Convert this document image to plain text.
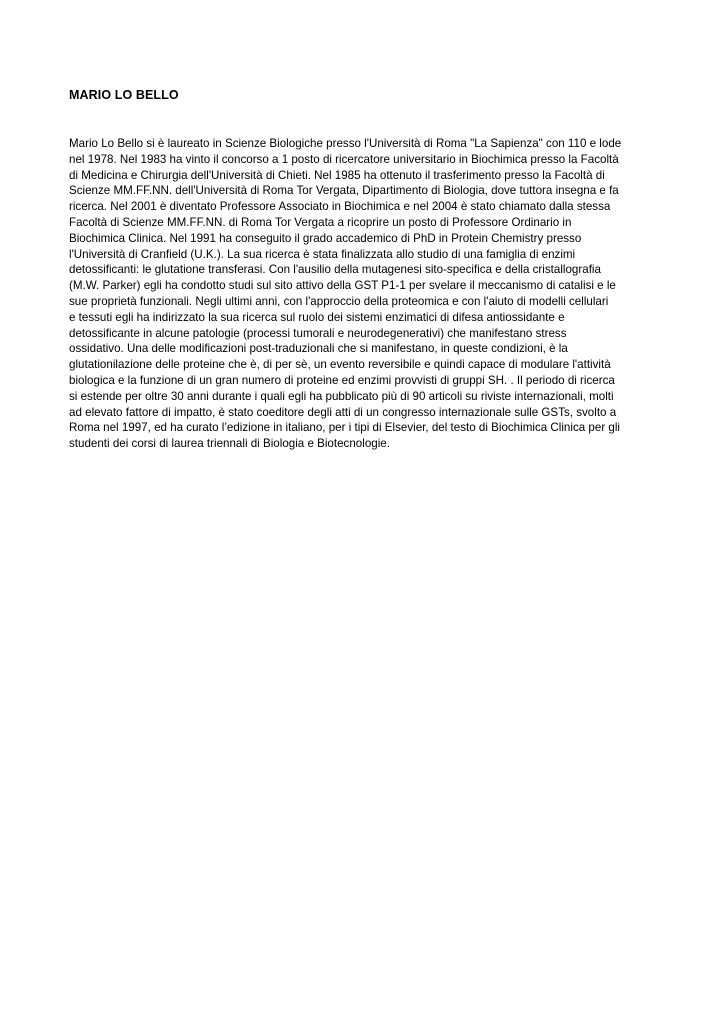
MARIO LO BELLO

Mario Lo Bello si è laureato in Scienze Biologiche presso l'Università di Roma "La Sapienza" con 110 e lode
nel 1978. Nel 1983 ha vinto il concorso a 1 posto di ricercatore universitario in Biochimica presso la Facoltà
di Medicina e Chirurgia dell'Università di Chieti. Nel 1985 ha ottenuto il trasferimento presso la Facoltà di
Scienze MM.FF.NN. dell'Università di Roma Tor Vergata, Dipartimento di Biologia, dove tuttora insegna e fa
ricerca. Nel 2001 è diventato Professore Associato in Biochimica e nel 2004 è stato chiamato dalla stessa
Facoltà di Scienze MM.FF.NN. di Roma Tor Vergata a ricoprire un posto di Professore Ordinario in
Biochimica Clinica. Nel 1991 ha conseguito il grado accademico di PhD in Protein Chemistry presso
l'Università di Cranfield (U.K.). La sua ricerca è stata finalizzata allo studio di una famiglia di enzimi
detossificanti: le glutatione transferasi. Con l'ausilio della mutagenesi sito-specifica e della cristallografia
(M.W. Parker) egli ha condotto studi sul sito attivo della GST P1-1 per svelare il meccanismo di catalisi e le
sue proprietà funzionali. Negli ultimi anni, con l'approccio della proteomica e con l'aiuto di modelli cellulari
e tessuti egli ha indirizzato la sua ricerca sul ruolo dei sistemi enzimatici di difesa antiossidante e
detossificante in alcune patologie (processi tumorali e neurodegenerativi) che manifestano stress
ossidativo. Una delle modificazioni post-traduzionali che si manifestano, in queste condizioni, è la
glutationilazione delle proteine che è, di per sè, un evento reversibile e quindi capace di modulare l'attività
biologica e la funzione di un gran numero di proteine ed enzimi provvisti di gruppi SH. . Il periodo di ricerca
si estende per oltre 30 anni durante i quali egli ha pubblicato più di 90 articoli su riviste internazionali, molti
ad elevato fattore di impatto, è stato coeditore degli atti di un congresso internazionale sulle GSTs, svolto a
Roma nel 1997, ed ha curato l’edizione in italiano, per i tipi di Elsevier, del testo di Biochimica Clinica per gli
studenti dei corsi di laurea triennali di Biologia e Biotecnologie.
